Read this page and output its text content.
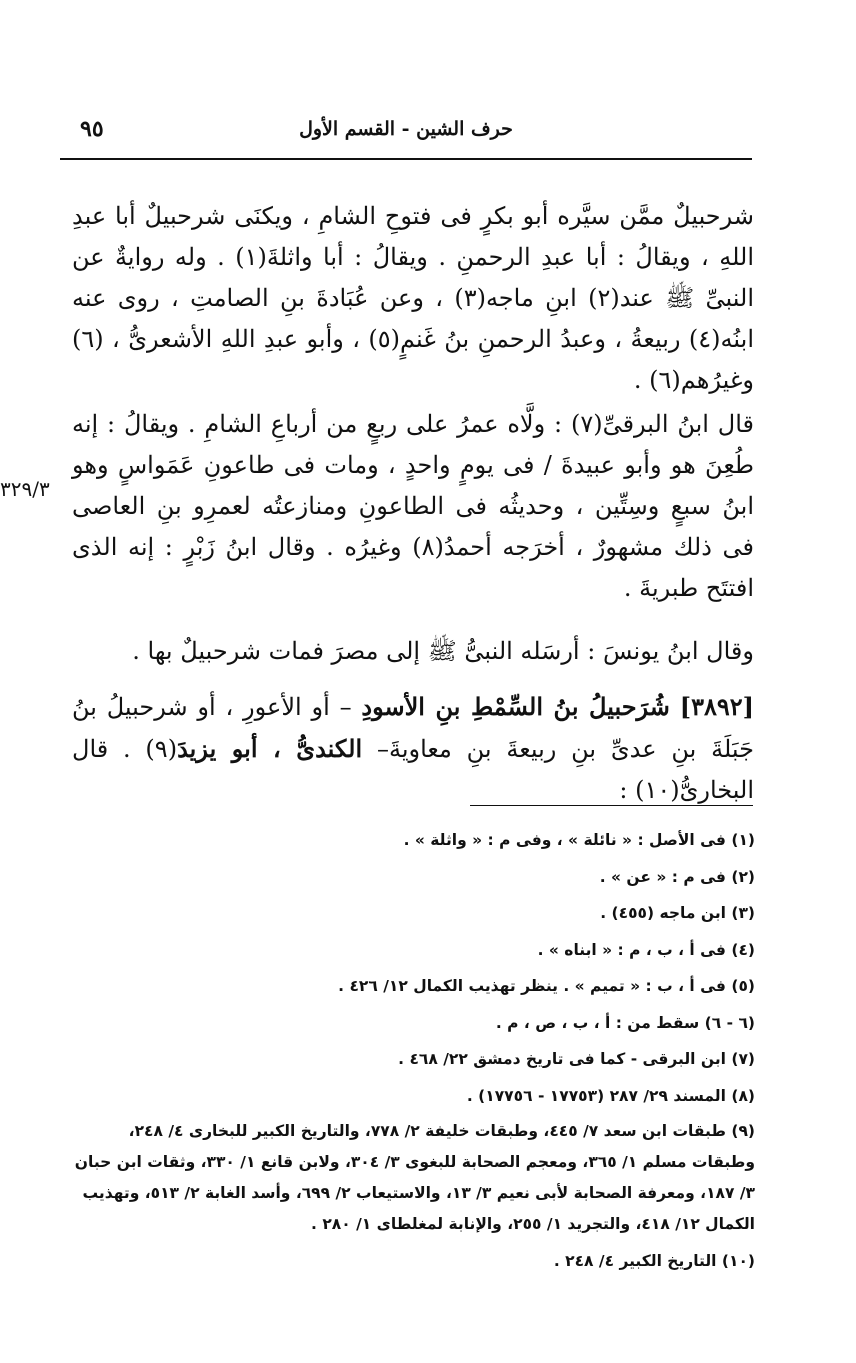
٩٥	حرف الشين - القسم الأول

شرحبيلٌ ممَّن سيَّره أبو بكرٍ فى فتوحِ الشامِ ، ويكنَى شرحبيلٌ أبا عبدِ اللهِ ، ويقالُ : أبا عبدِ الرحمنِ . ويقالُ : أبا واثلةَ(١) . وله روايةٌ عن النبىِّ ﷺ عند(٢) ابنِ ماجه(٣) ، وعن عُبَادةَ بنِ الصامتِ ، روى عنه ابنُه(٤) ربيعةُ ، وعبدُ الرحمنِ بنُ غَنمٍ(٥) ، وأبو عبدِ اللهِ الأشعرىُّ ، (٦) وغيرُهم(٦) .

قال ابنُ البرقىِّ(٧) : ولَّاه عمرُ على ربعٍ من أرباعِ الشامِ . ويقالُ : إنه طُعِنَ هو وأبو عبيدةَ / فى يومٍ واحدٍ ، ومات فى طاعونِ عَمَواسٍ وهو ابنُ سبعٍ وسِتِّين ، وحديثُه فى الطاعونِ ومنازعتُه لعمرِو بنِ العاصى فى ذلك مشهورٌ ، أخرَجه أحمدُ(٨) وغيرُه . وقال ابنُ زَبْرٍ : إنه الذى افتتَح طبريةَ .

٣٢٩/٣

وقال ابنُ يونسَ : أرسَله النبىُّ ﷺ إلى مصرَ فمات شرحبيلٌ بها .

[٣٨٩٢] شُرَحبيلُ بنُ السِّمْطِ بنِ الأسودِ – أو الأعورِ ، أو شرحبيلُ بنُ جَبَلَةَ بنِ عدىِّ بنِ ربيعةَ بنِ معاويةَ– الكندىُّ ، أبو يزيدَ(٩) . قال البخارىُّ(١٠) :

(١) فى الأصل : « نائلة » ، وفى م : « واثلة » .

(٢) فى م : « عن » .

(٣) ابن ماجه (٤٥٥) .

(٤) فى أ ، ب ، م : « ابناه » .

(٥) فى أ ، ب : « تميم » . ينظر تهذيب الكمال ١٢/ ٤٢٦ .

(٦ - ٦) سقط من : أ ، ب ، ص ، م .

(٧) ابن البرقى - كما فى تاريخ دمشق ٢٢/ ٤٦٨ .

(٨) المسند ٢٩/ ٢٨٧ (١٧٧٥٣ - ١٧٧٥٦) .

(٩) طبقات ابن سعد ٧/ ٤٤٥، وطبقات خليفة ٢/ ٧٧٨، والتاريخ الكبير للبخارى ٤/ ٢٤٨، وطبقات مسلم ١/ ٣٦٥، ومعجم الصحابة للبغوى ٣/ ٣٠٤، ولابن قانع ١/ ٣٣٠، وثقات ابن حبان ٣/ ١٨٧، ومعرفة الصحابة لأبى نعيم ٣/ ١٣، والاستيعاب ٢/ ٦٩٩، وأسد الغابة ٢/ ٥١٣، وتهذيب الكمال ١٢/ ٤١٨، والتجريد ١/ ٢٥٥، والإنابة لمغلطاى ١/ ٢٨٠ .

(١٠) التاريخ الكبير ٤/ ٢٤٨ .
